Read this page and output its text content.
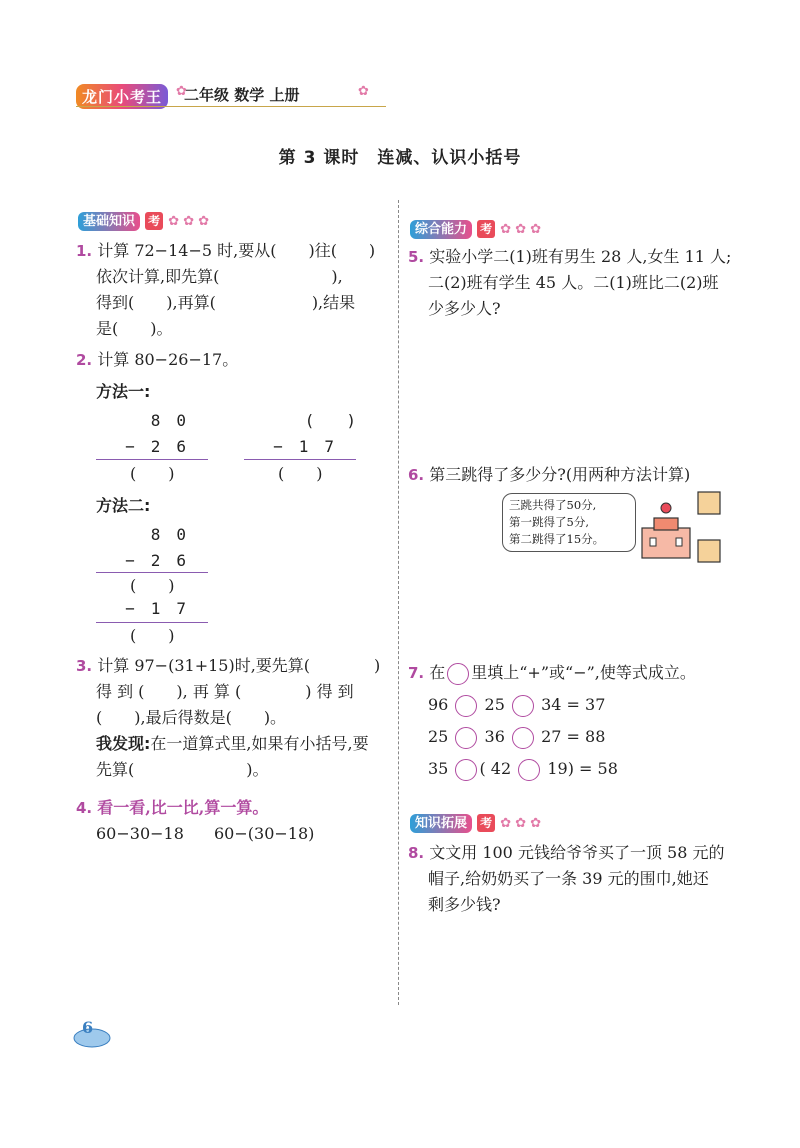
龙门小考王	✿
二年级 数学 上册	✿
第 3 课时　连减、认识小括号
基础知识 考 ✿ ✿ ✿
1. 计算 72−14−5 时,要从(　　)往(　　)
依次计算,即先算(　　　　　　　),
得到(　　),再算(　　　　　　),结果
是(　　)。
2. 计算 80−26−17。
方法一:
8　0
−　2　6
(　　)
(　　)
−　1　7
(　　)
方法二:
8　0
−　2　6
(　　)
−　1　7
(　　)
3. 计算 97−(31+15)时,要先算(　　　　)
得 到 (　　), 再 算 (　　　　) 得 到
(　　),最后得数是(　　)。
我发现:在一道算式里,如果有小括号,要
先算(　　　　　　　)。
4. 看一看,比一比,算一算。
60−30−18 60−(30−18)
综合能力 考 ✿ ✿ ✿
5. 实验小学二(1)班有男生 28 人,女生 11 人;
二(2)班有学生 45 人。二(1)班比二(2)班
少多少人?
6. 第三跳得了多少分?(用两种方法计算)
三跳共得了50分,
第一跳得了5分,
第二跳得了15分。
7. 在 里填上“+”或“−”,使等式成立。
96 25 34 = 37
25 36 27 = 88
35 ( 42 19) = 58
知识拓展 考 ✿ ✿ ✿
8. 文文用 100 元钱给爷爷买了一顶 58 元的
帽子,给奶奶买了一条 39 元的围巾,她还
剩多少钱?
6
